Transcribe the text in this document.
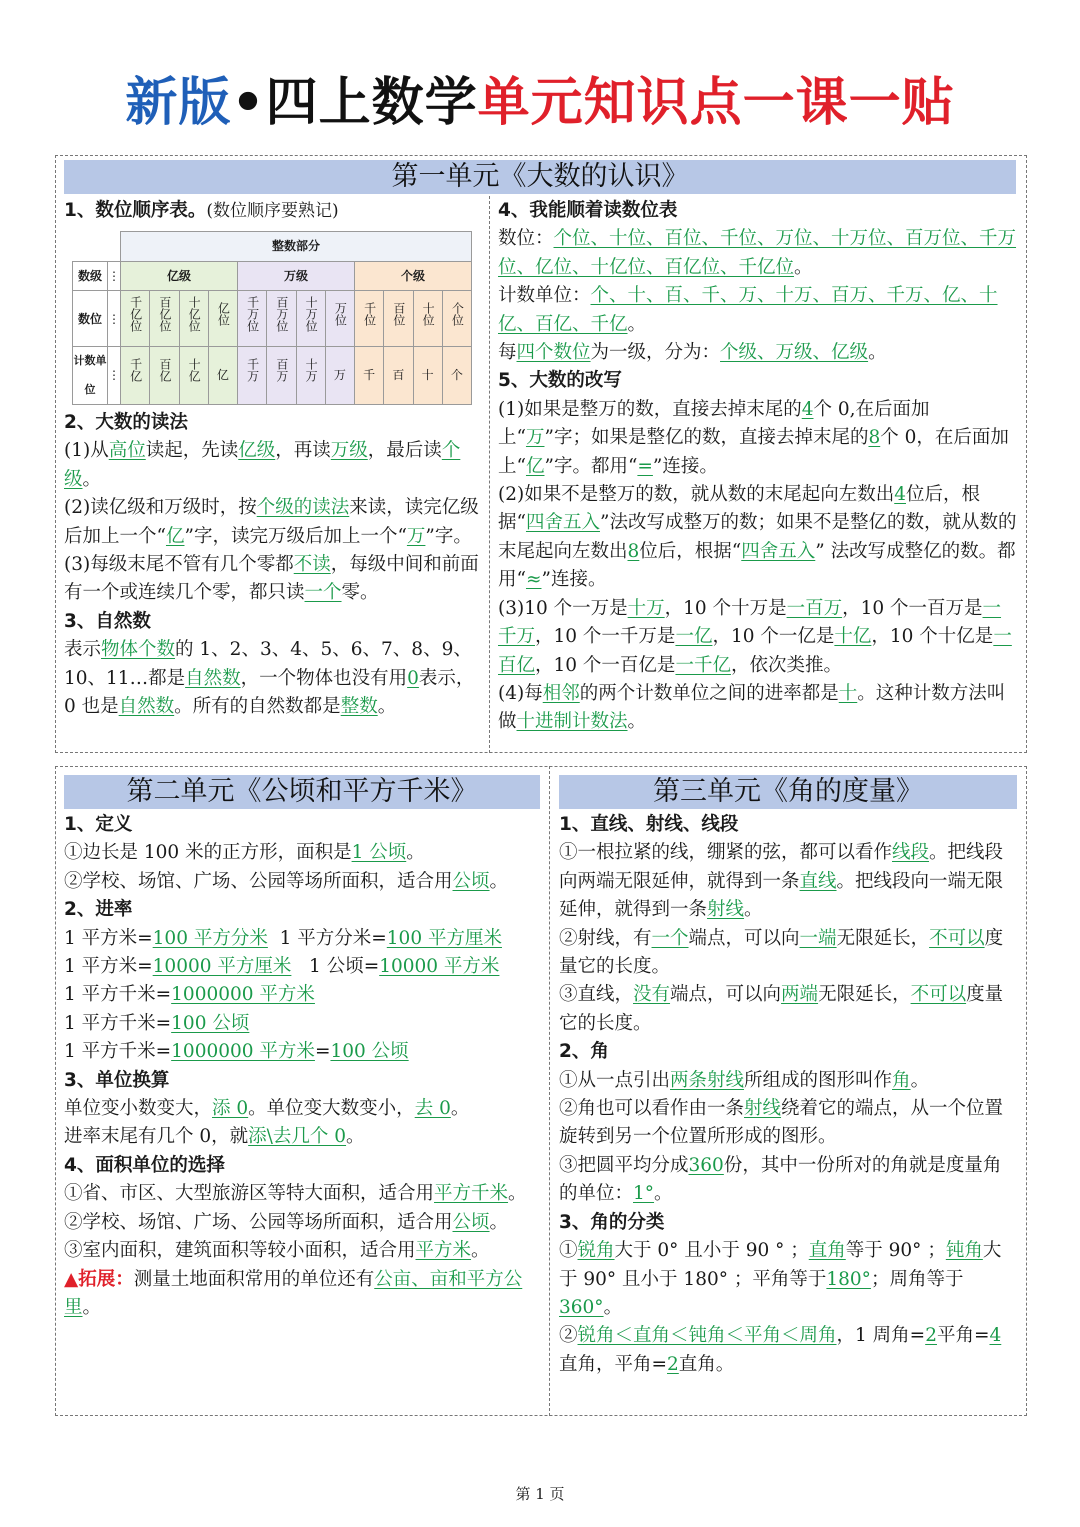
新版•四上数学单元知识点一课一贴
第一单元《大数的认识》

1、数位顺序表。(数位顺序要熟记)

		整数部分											
数级	⋮	亿级				万级				个级			
数位	⋮	千亿位	百亿位	十亿位	亿位	千万位	百万位	十万位	万位	千位	百位	十位	个位
计数单位	⋮	千亿	百亿	十亿	亿	千万	百万	十万	万	千	百	十	个

2、大数的读法

(1)从高位读起，先读亿级，再读万级，最后读个级。

(2)读亿级和万级时，按个级的读法来读，读完亿级后加上一个“亿”字，读完万级后加上一个“万”字。

(3)每级末尾不管有几个零都不读，每级中间和前面有一个或连续几个零，都只读一个零。

3、自然数

表示物体个数的 1、2、3、4、5、6、7、8、9、10、11…都是自然数，一个物体也没有用0表示，0 也是自然数。所有的自然数都是整数。

4、我能顺着读数位表

数位：个位、十位、百位、千位、万位、十万位、百万位、千万位、亿位、十亿位、百亿位、千亿位。

计数单位：个、十、百、千、万、十万、百万、千万、亿、十亿、百亿、千亿。

每四个数位为一级，分为：个级、万级、亿级。

5、大数的改写

(1)如果是整万的数，直接去掉末尾的4个 0,在后面加上“万”字；如果是整亿的数，直接去掉末尾的8个 0，在后面加上“亿”字。都用“=”连接。

(2)如果不是整万的数，就从数的末尾起向左数出4位后，根据“四舍五入”法改写成整万的数；如果不是整亿的数，就从数的末尾起向左数出8位后，根据“四舍五入” 法改写成整亿的数。都用“≈”连接。

(3)10 个一万是十万，10 个十万是一百万，10 个一百万是一千万，10 个一千万是一亿，10 个一亿是十亿，10 个十亿是一百亿，10 个一百亿是一千亿，依次类推。

(4)每相邻的两个计数单位之间的进率都是十。这种计数方法叫做十进制计数法。

第二单元《公顷和平方千米》	第三单元《角的度量》

1、定义

①边长是 100 米的正方形，面积是1 公顷。

②学校、场馆、广场、公园等场所面积，适合用公顷。

2、进率

1 平方米=100 平方分米 1 平方分米=100 平方厘米

1 平方米=10000 平方厘米 1 公顷=10000 平方米

1 平方千米=1000000 平方米

1 平方千米=100 公顷

1 平方千米=1000000 平方米=100 公顷

3、单位换算

单位变小数变大，添 0。单位变大数变小，去 0。

进率末尾有几个 0，就添\去几个 0。

4、面积单位的选择

①省、市区、大型旅游区等特大面积，适合用平方千米。

②学校、场馆、广场、公园等场所面积，适合用公顷。

③室内面积，建筑面积等较小面积，适合用平方米。

▲拓展：测量土地面积常用的单位还有公亩、亩和平方公里。

1、直线、射线、线段

①一根拉紧的线，绷紧的弦，都可以看作线段。把线段向两端无限延伸，就得到一条直线。把线段向一端无限延伸，就得到一条射线。

②射线，有一个端点，可以向一端无限延长，不可以度量它的长度。

③直线，没有端点，可以向两端无限延长，不可以度量它的长度。

2、角

①从一点引出两条射线所组成的图形叫作角。

②角也可以看作由一条射线绕着它的端点，从一个位置旋转到另一个位置所形成的图形。

③把圆平均分成360份，其中一份所对的角就是度量角的单位：1°。

3、角的分类

①锐角大于 0° 且小于 90 ° ；直角等于 90° ；钝角大于 90° 且小于 180° ；平角等于180°；周角等于360°。

②锐角＜直角＜钝角＜平角＜周角，1 周角=2平角=4直角，平角=2直角。

第 1 页
